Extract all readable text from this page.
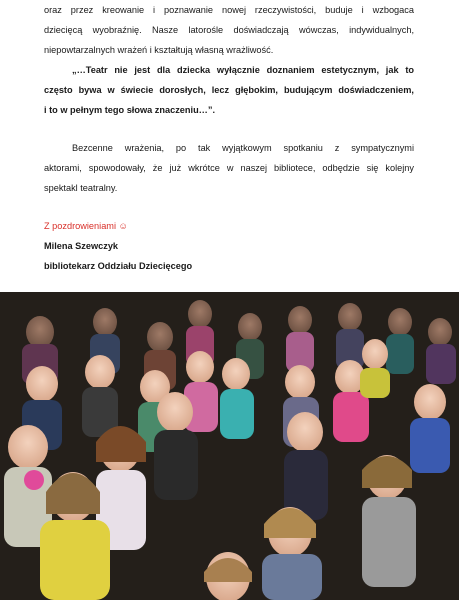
oraz przez kreowanie i poznawanie nowej rzeczywistości, buduje i wzbogaca
dziecięcą wyobraźnię. Nasze latorośle doświadczają wówczas, indywidualnych,
niepowtarzalnych wrażeń i kształtują własną wrażliwość.
„…Teatr nie jest dla dziecka wyłącznie doznaniem estetycznym, jak to
często bywa w świecie dorosłych, lecz głębokim, budującym doświadczeniem,
i to w pełnym tego słowa znaczeniu…”.
Bezcenne wrażenia, po tak wyjątkowym spotkaniu z sympatycznymi
aktorami, spowodowały, że już wkrótce w naszej bibliotece, odbędzie się kolejny
spektakl teatralny.
Z pozdrowieniami ☺
Milena Szewczyk
bibliotekarz Oddziału Dziecięcego
